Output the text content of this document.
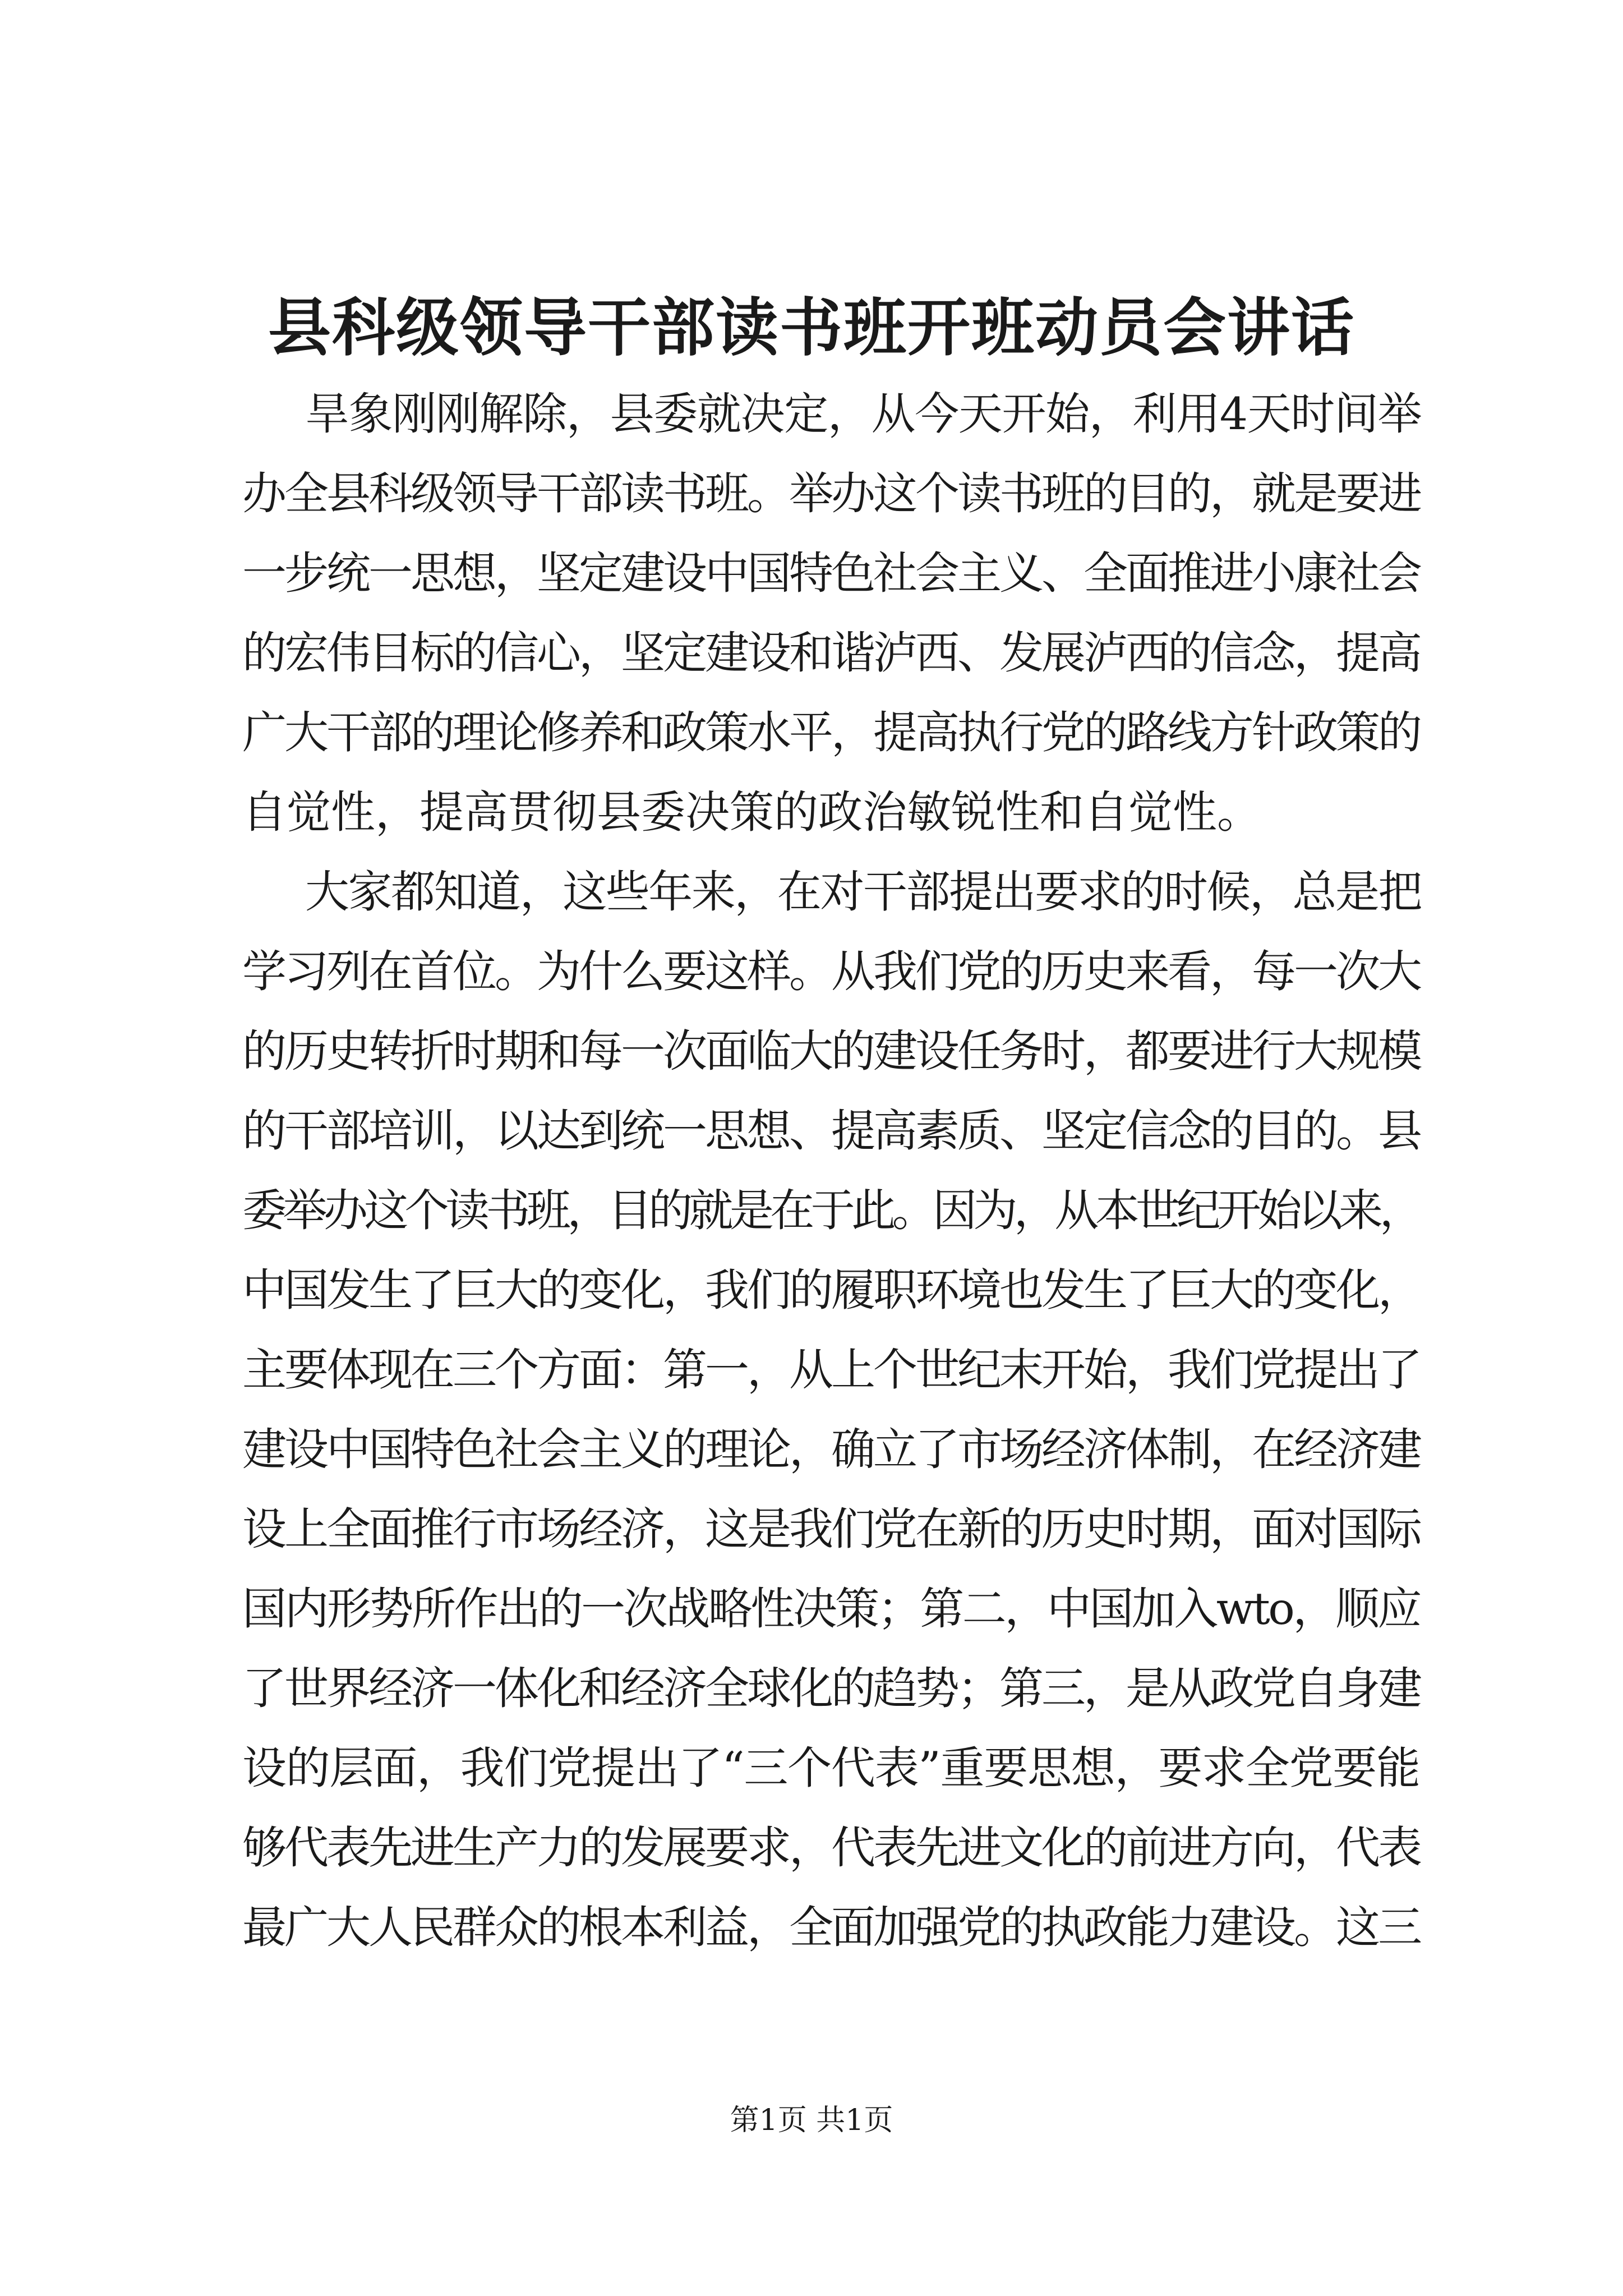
县科级领导干部读书班开班动员会讲话
旱象刚刚解除，县委就决定，从今天开始，利用4天时间举
办全县科级领导干部读书班。举办这个读书班的目的，就是要进
一步统一思想，坚定建设中国特色社会主义、全面推进小康社会
的宏伟目标的信心，坚定建设和谐泸西、发展泸西的信念，提高
广大干部的理论修养和政策水平，提高执行党的路线方针政策的
自觉性，提高贯彻县委决策的政治敏锐性和自觉性。
大家都知道，这些年来，在对干部提出要求的时候，总是把
学习列在首位。为什么要这样。从我们党的历史来看，每一次大
的历史转折时期和每一次面临大的建设任务时，都要进行大规模
的干部培训，以达到统一思想、提高素质、坚定信念的目的。县
委举办这个读书班，目的就是在于此。因为，从本世纪开始以来，
中国发生了巨大的变化，我们的履职环境也发生了巨大的变化，
主要体现在三个方面：第一，从上个世纪末开始，我们党提出了
建设中国特色社会主义的理论，确立了市场经济体制，在经济建
设上全面推行市场经济，这是我们党在新的历史时期，面对国际
国内形势所作出的一次战略性决策；第二，中国加入wto，顺应
了世界经济一体化和经济全球化的趋势；第三，是从政党自身建
设的层面，我们党提出了“三个代表”重要思想，要求全党要能
够代表先进生产力的发展要求，代表先进文化的前进方向，代表
最广大人民群众的根本利益，全面加强党的执政能力建设。这三
第1页 共1页
